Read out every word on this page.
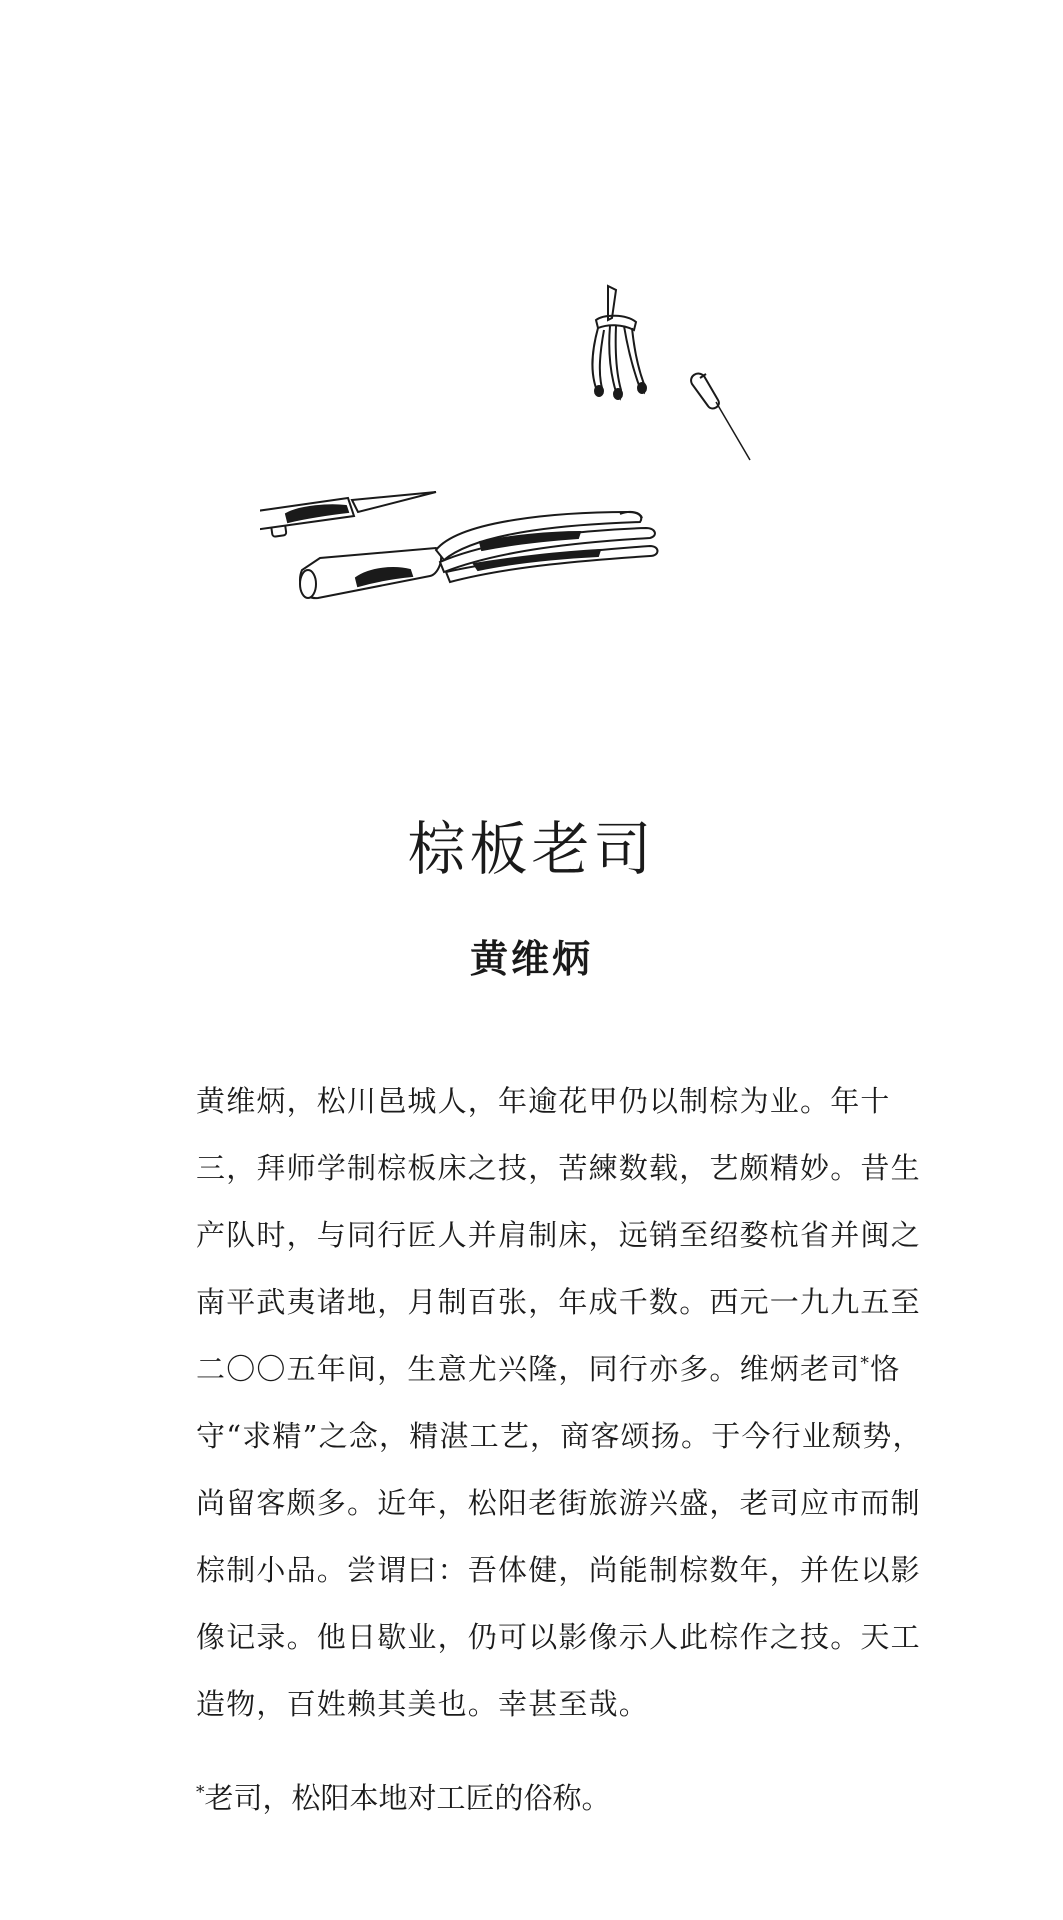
棕板老司
黄维炳
黄维炳，松川邑城人，年逾花甲仍以制棕为业。年十
三，拜师学制棕板床之技，苦練数载，艺颇精妙。昔生
产队时，与同行匠人并肩制床，远销至绍婺杭省并闽之
南平武夷诸地，月制百张，年成千数。西元一九九五至
二〇〇五年间，生意尤兴隆，同行亦多。维炳老司*恪
守“求精”之念，精湛工艺，商客颂扬。于今行业颓势，
尚留客颇多。近年，松阳老街旅游兴盛，老司应市而制
棕制小品。尝谓曰：吾体健，尚能制棕数年，并佐以影
像记录。他日歇业，仍可以影像示人此棕作之技。天工
造物，百姓赖其美也。幸甚至哉。

*老司，松阳本地对工匠的俗称。
